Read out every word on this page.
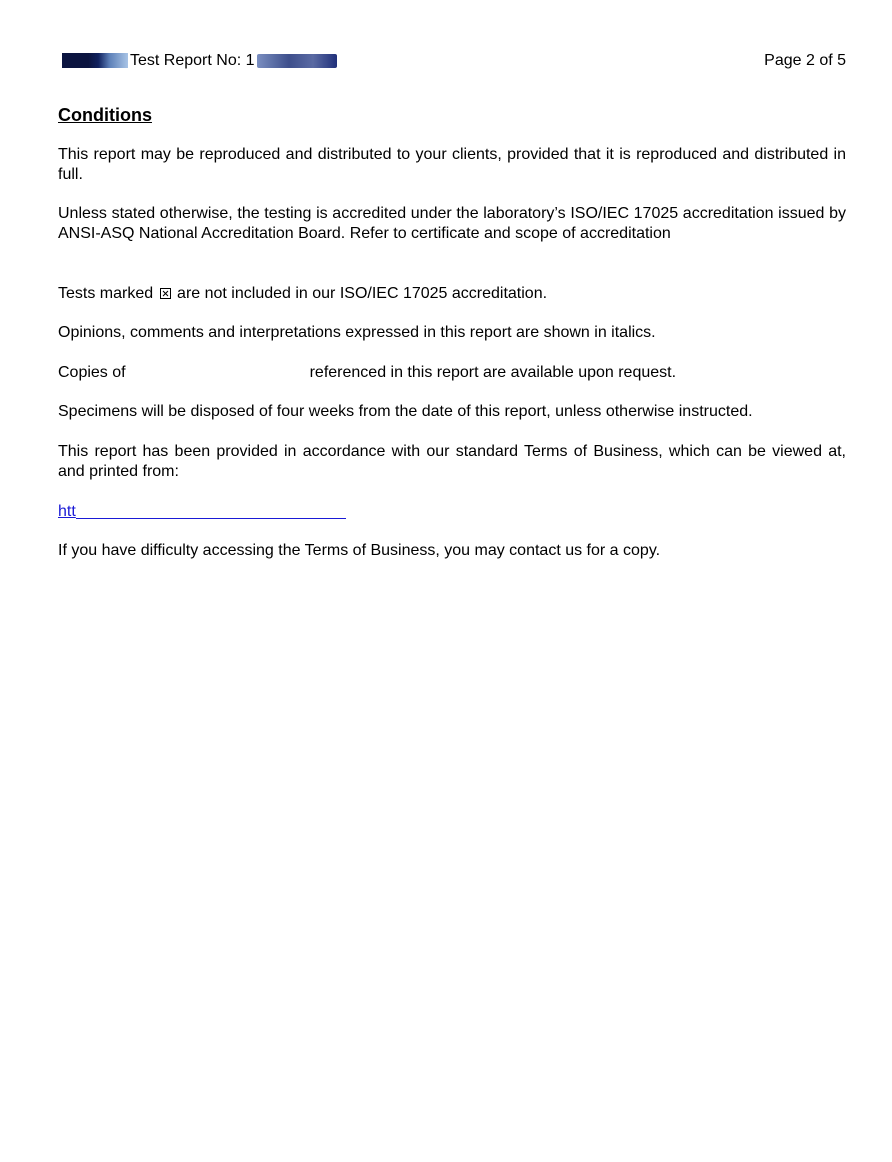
Test Report No: 1	Page 2 of 5
Conditions
This report may be reproduced and distributed to your clients, provided that it is reproduced and distributed in full.
Unless stated otherwise, the testing is accredited under the laboratory’s ISO/IEC 17025 accreditation issued by ANSI-ASQ National Accreditation Board. Refer to certificate and scope of accreditation
Tests marked ☒ are not included in our ISO/IEC 17025 accreditation.
Opinions, comments and interpretations expressed in this report are shown in italics.
Copies of	referenced in this report are available upon request.
Specimens will be disposed of four weeks from the date of this report, unless otherwise instructed.
This report has been provided in accordance with our standard Terms of Business, which can be viewed at, and printed from:
htt
If you have difficulty accessing the Terms of Business, you may contact us for a copy.
